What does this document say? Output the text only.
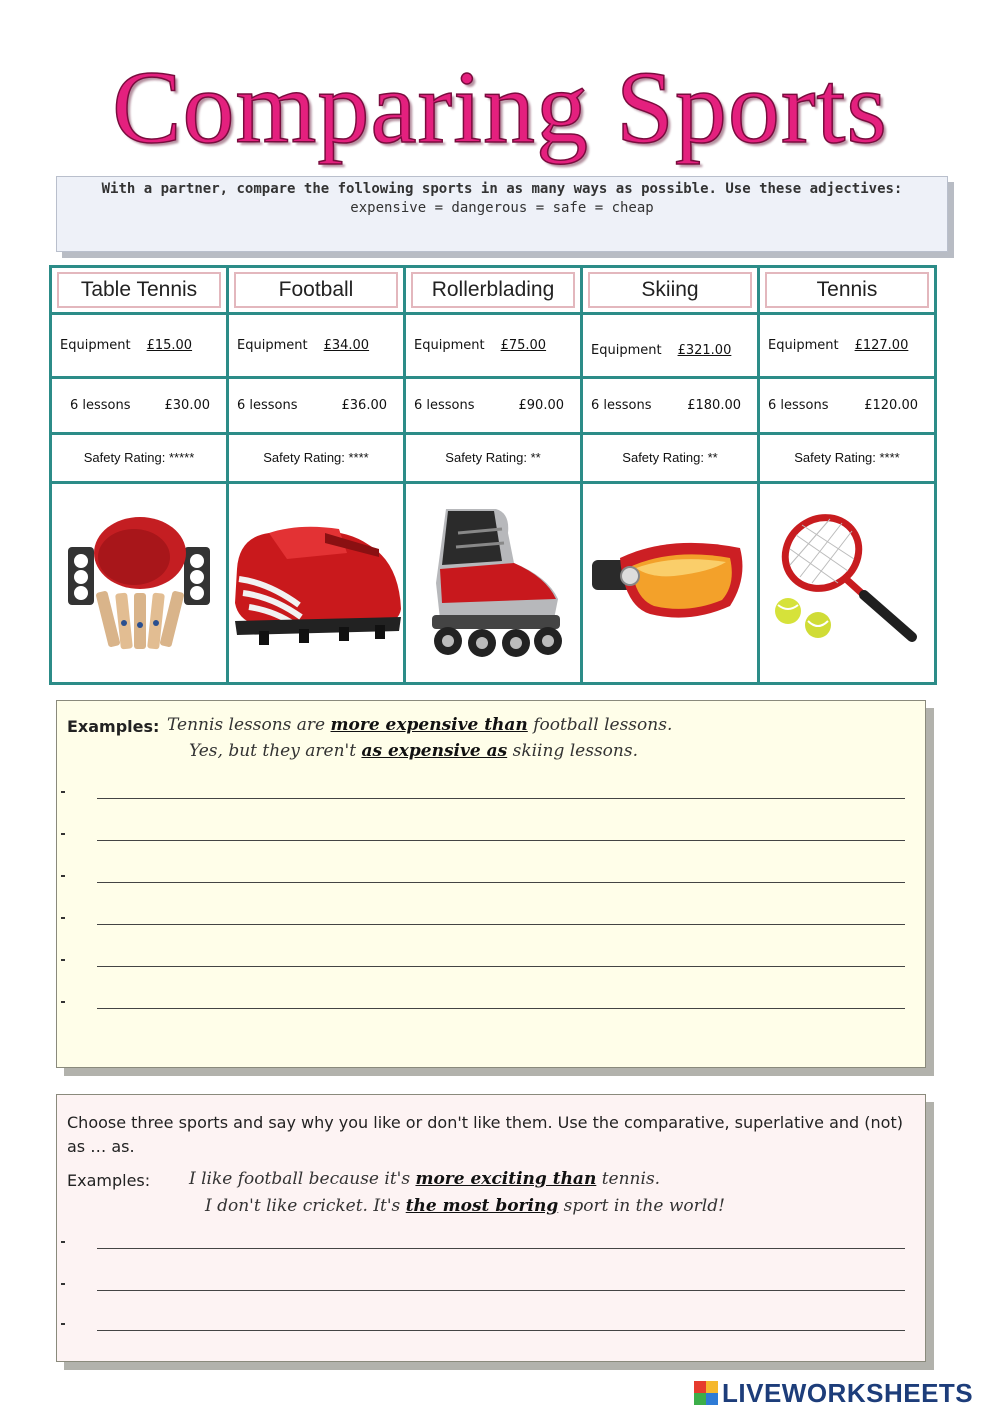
Comparing Sports
With a partner, compare the following sports in as many ways as possible. Use these adjectives:
expensive = dangerous = safe = cheap
Table Tennis	Football	Rollerblading	Skiing	Tennis

Equipment £15.00	Equipment £34.00	Equipment £75.00	Equipment £321.00	Equipment £127.00

6 lessons £30.00	6 lessons £36.00	6 lessons £90.00	6 lessons £180.00	6 lessons £120.00

Safety Rating: *****	Safety Rating: ****	Safety Rating: **	Safety Rating: **	Safety Rating: ****

Examples: Tennis lessons are more expensive than football lessons.
Yes, but they aren't as expensive as skiing lessons.
Choose three sports and say why you like or don't like them. Use the comparative, superlative and (not) as … as.
Examples: I like football because it's more exciting than tennis.
I don't like cricket. It's the most boring sport in the world!
LIVEWORKSHEETS
